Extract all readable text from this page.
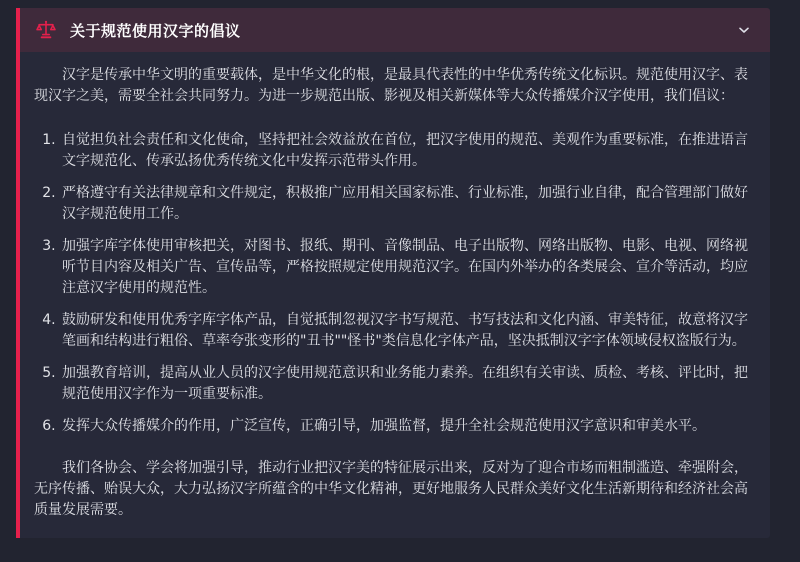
关于规范使用汉字的倡议

汉字是传承中华文明的重要载体，是中华文化的根，是最具代表性的中华优秀传统文化标识。规范使用汉字、表现汉字之美，需要全社会共同努力。为进一步规范出版、影视及相关新媒体等大众传播媒介汉字使用，我们倡议：

1. 自觉担负社会责任和文化使命，坚持把社会效益放在首位，把汉字使用的规范、美观作为重要标准，在推进语言文字规范化、传承弘扬优秀传统文化中发挥示范带头作用。
2. 严格遵守有关法律规章和文件规定，积极推广应用相关国家标准、行业标准，加强行业自律，配合管理部门做好汉字规范使用工作。
3. 加强字库字体使用审核把关，对图书、报纸、期刊、音像制品、电子出版物、网络出版物、电影、电视、网络视听节目内容及相关广告、宣传品等，严格按照规定使用规范汉字。在国内外举办的各类展会、宣介等活动，均应注意汉字使用的规范性。
4. 鼓励研发和使用优秀字库字体产品，自觉抵制忽视汉字书写规范、书写技法和文化内涵、审美特征，故意将汉字笔画和结构进行粗俗、草率夸张变形的"丑书""怪书"类信息化字体产品，坚决抵制汉字字体领域侵权盗版行为。
5. 加强教育培训，提高从业人员的汉字使用规范意识和业务能力素养。在组织有关审读、质检、考核、评比时，把规范使用汉字作为一项重要标准。
6. 发挥大众传播媒介的作用，广泛宣传，正确引导，加强监督，提升全社会规范使用汉字意识和审美水平。

我们各协会、学会将加强引导，推动行业把汉字美的特征展示出来，反对为了迎合市场而粗制滥造、牵强附会，无序传播、贻误大众，大力弘扬汉字所蕴含的中华文化精神，更好地服务人民群众美好文化生活新期待和经济社会高质量发展需要。
